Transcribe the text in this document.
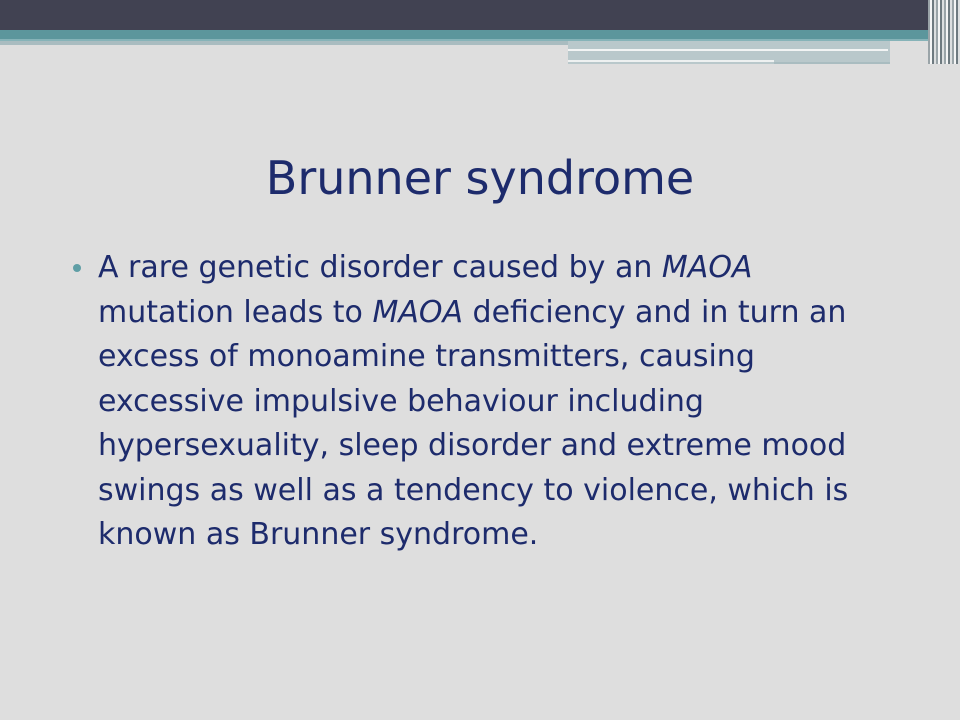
Brunner syndrome

A rare genetic disorder caused by an MAOA mutation leads to MAOA deficiency and in turn an excess of monoamine transmitters, causing excessive impulsive behaviour including hypersexuality, sleep disorder and extreme mood swings as well as a tendency to violence, which is known as Brunner syndrome.
